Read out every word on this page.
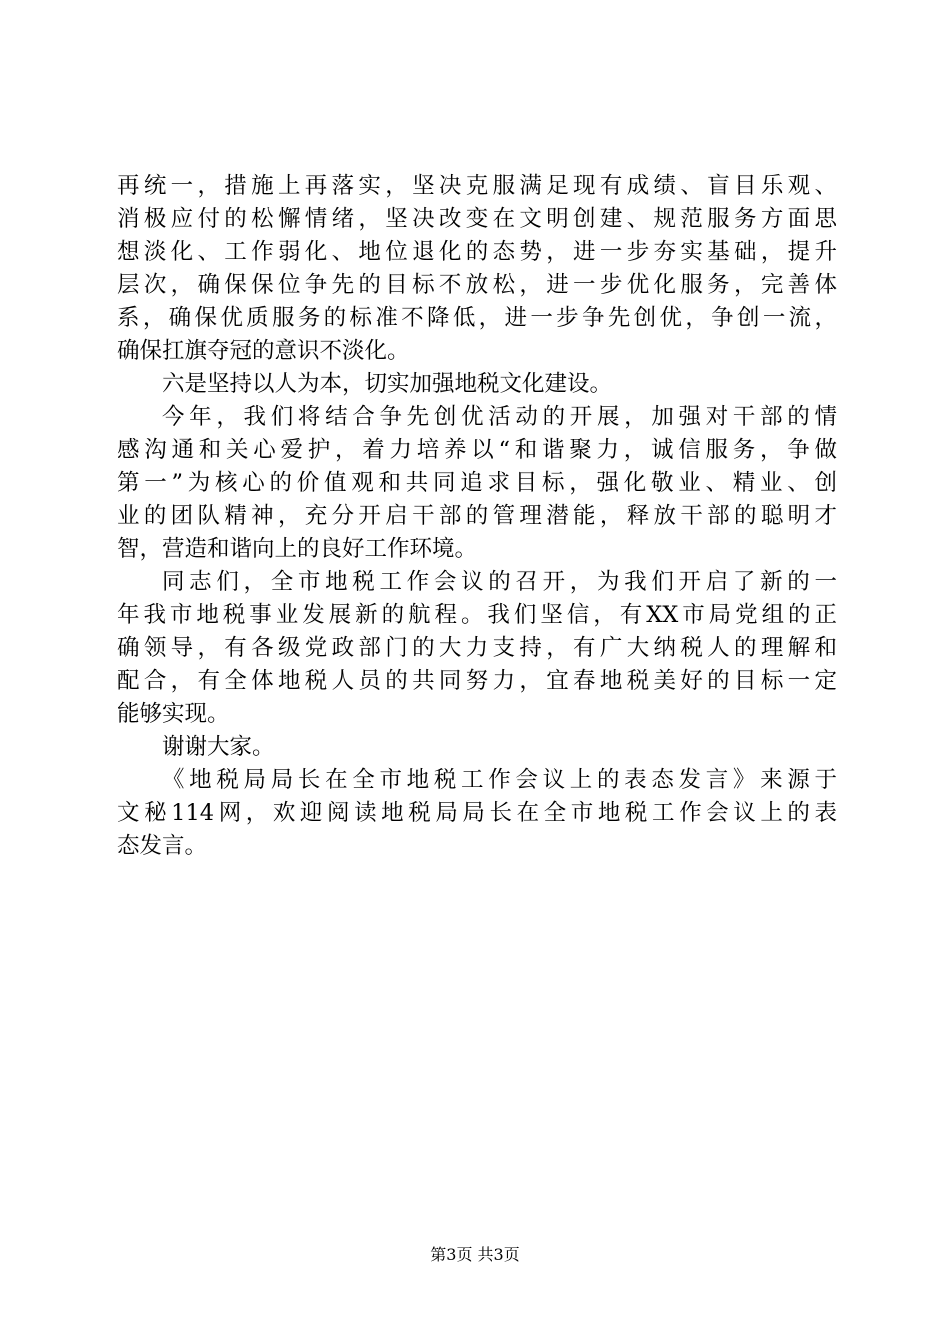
再统一，措施上再落实，坚决克服满足现有成绩、盲目乐观、
消极应付的松懈情绪，坚决改变在文明创建、规范服务方面思
想淡化、工作弱化、地位退化的态势，进一步夯实基础，提升
层次，确保保位争先的目标不放松，进一步优化服务，完善体
系，确保优质服务的标准不降低，进一步争先创优，争创一流，
确保扛旗夺冠的意识不淡化。
六是坚持以人为本，切实加强地税文化建设。
今年，我们将结合争先创优活动的开展，加强对干部的情
感沟通和关心爱护，着力培养以“和谐聚力，诚信服务，争做
第一”为核心的价值观和共同追求目标，强化敬业、精业、创
业的团队精神，充分开启干部的管理潜能，释放干部的聪明才
智，营造和谐向上的良好工作环境。
同志们，全市地税工作会议的召开，为我们开启了新的一
年我市地税事业发展新的航程。我们坚信，有XX市局党组的正
确领导，有各级党政部门的大力支持，有广大纳税人的理解和
配合，有全体地税人员的共同努力，宜春地税美好的目标一定
能够实现。
谢谢大家。
《地税局局长在全市地税工作会议上的表态发言》来源于
文秘114网，欢迎阅读地税局局长在全市地税工作会议上的表
态发言。
第3页 共3页
